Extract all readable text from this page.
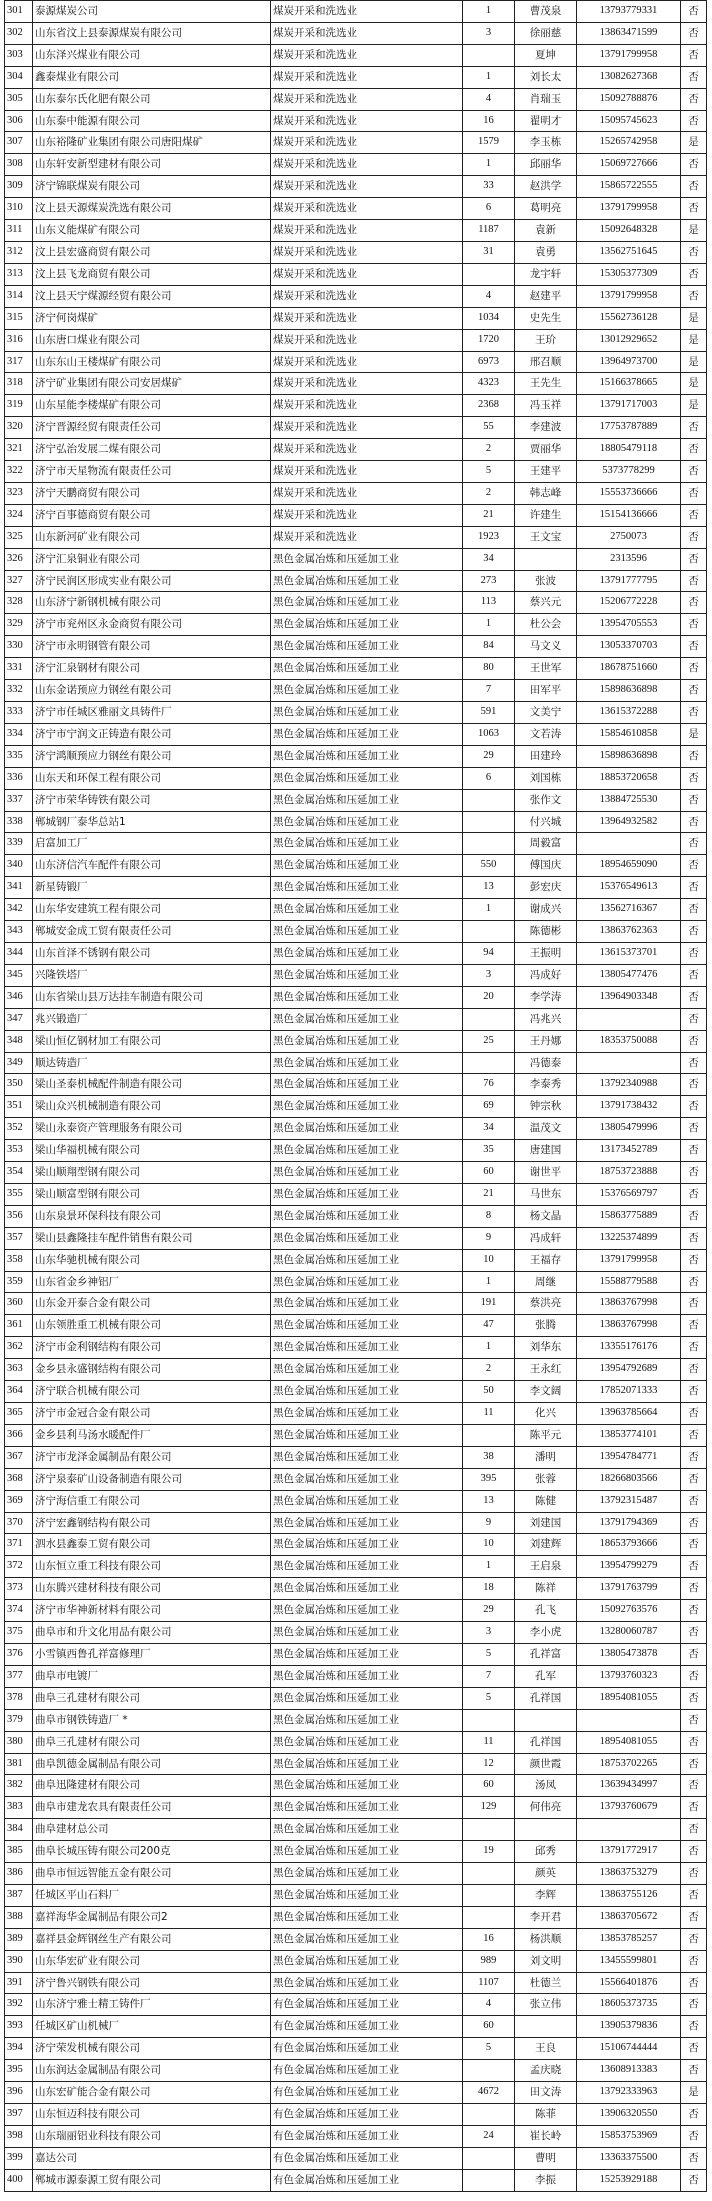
301	泰源煤炭公司	煤炭开采和洗选业	1	曹茂泉	13793779331	否
302	山东省汶上县泰源煤炭有限公司	煤炭开采和洗选业	3	徐丽慈	13863471599	否
303	山东泽兴煤业有限公司	煤炭开采和洗选业		夏坤	13791799958	否
304	鑫泰煤业有限公司	煤炭开采和洗选业	1	刘长太	13082627368	否
305	山东泰尔氏化肥有限公司	煤炭开采和洗选业	4	肖瑞玉	15092788876	否
306	山东泰中能源有限公司	煤炭开采和洗选业	16	翟明才	15095745623	否
307	山东裕隆矿业集团有限公司唐阳煤矿	煤炭开采和洗选业	1579	李玉栋	15265742958	是
308	山东轩安新型建材有限公司	煤炭开采和洗选业	1	邱丽华	15069727666	否
309	济宁锦联煤炭有限公司	煤炭开采和洗选业	33	赵洪学	15865722555	否
310	汶上县天源煤炭洗选有限公司	煤炭开采和洗选业	6	葛明亮	13791799958	否
311	山东义能煤矿有限公司	煤炭开采和洗选业	1187	袁新	15092648328	是
312	汶上县宏盛商贸有限公司	煤炭开采和洗选业	31	袁勇	13562751645	否
313	汶上县飞龙商贸有限公司	煤炭开采和洗选业		龙宇轩	15305377309	否
314	汶上县天宁煤源经贸有限公司	煤炭开采和洗选业	4	赵建平	13791799958	否
315	济宁何岗煤矿	煤炭开采和洗选业	1034	史先生	15562736128	是
316	山东唐口煤业有限公司	煤炭开采和洗选业	1720	王玠	13012929652	是
317	山东东山王楼煤矿有限公司	煤炭开采和洗选业	6973	邢召顺	13964973700	是
318	济宁矿业集团有限公司安居煤矿	煤炭开采和洗选业	4323	王先生	15166378665	是
319	山东星能李楼煤矿有限公司	煤炭开采和洗选业	2368	冯玉祥	13791717003	是
320	济宁晋源经贸有限责任公司	煤炭开采和洗选业	55	李建波	17753787889	否
321	济宁弘治发展二煤有限公司	煤炭开采和洗选业	2	贾丽华	18805479118	否
322	济宁市天星物流有限责任公司	煤炭开采和洗选业	5	王建平	5373778299	否
323	济宁天鹏商贸有限公司	煤炭开采和洗选业	2	韩志峰	15553736666	否
324	济宁百事德商贸有限公司	煤炭开采和洗选业	21	许建生	15154136666	否
325	山东新河矿业有限公司	煤炭开采和洗选业	1923	王文宝	2750073	否
326	济宁汇泉铜业有限公司	黑色金属冶炼和压延加工业	34		2313596	否
327	济宁民润区形成实业有限公司	黑色金属冶炼和压延加工业	273	张波	13791777795	否
328	山东济宁新钢机械有限公司	黑色金属冶炼和压延加工业	113	蔡兴元	15206772228	否
329	济宁市兖州区永金商贸有限公司	黑色金属冶炼和压延加工业	1	杜公会	13954705553	否
330	济宁市永明钢管有限公司	黑色金属冶炼和压延加工业	84	马文义	13053370703	否
331	济宁汇泉钢材有限公司	黑色金属冶炼和压延加工业	80	王世军	18678751660	否
332	山东金诺预应力钢丝有限公司	黑色金属冶炼和压延加工业	7	田军平	15898636898	否
333	济宁市任城区雅丽文具铸件厂	黑色金属冶炼和压延加工业	591	文美宁	13615372288	否
334	济宁市宁润文正铸造有限公司	黑色金属冶炼和压延加工业	1063	文若涛	15854610858	是
335	济宁鸿顺预应力钢丝有限公司	黑色金属冶炼和压延加工业	29	田建玲	15898636898	否
336	山东天和环保工程有限公司	黑色金属冶炼和压延加工业	6	刘国栋	18853720658	否
337	济宁市荣华铸铁有限公司	黑色金属冶炼和压延加工业		张作文	13884725530	否
338	郸城钢厂泰华总站1	黑色金属冶炼和压延加工业		付兴城	13964932582	否
339	启富加工厂	黑色金属冶炼和压延加工业		周毅富		否
340	山东济信汽车配件有限公司	黑色金属冶炼和压延加工业	550	傅国庆	18954659090	否
341	新星铸锻厂	黑色金属冶炼和压延加工业	13	彭宏庆	15376549613	否
342	山东华安建筑工程有限公司	黑色金属冶炼和压延加工业	1	谢成兴	13562716367	否
343	郸城安金成工贸有限责任公司	黑色金属冶炼和压延加工业		陈德彬	13863762363	否
344	山东首泽不锈钢有限公司	黑色金属冶炼和压延加工业	94	王振明	13615373701	否
345	兴隆铁塔厂	黑色金属冶炼和压延加工业	3	冯成好	13805477476	否
346	山东省梁山县万达挂车制造有限公司	黑色金属冶炼和压延加工业	20	李学涛	13964903348	否
347	兆兴锻造厂	黑色金属冶炼和压延加工业		冯兆兴		否
348	梁山恒亿钢材加工有限公司	黑色金属冶炼和压延加工业	25	王丹娜	18353750088	否
349	顺达铸造厂	黑色金属冶炼和压延加工业		冯德泰		否
350	梁山圣泰机械配件制造有限公司	黑色金属冶炼和压延加工业	76	李泰秀	13792340988	否
351	梁山众兴机械制造有限公司	黑色金属冶炼和压延加工业	69	钟宗秋	13791738432	否
352	梁山永泰资产管理服务有限公司	黑色金属冶炼和压延加工业	34	温茂文	13805479996	否
353	梁山华福机械有限公司	黑色金属冶炼和压延加工业	35	唐建国	13173452789	否
354	梁山顺翔型钢有限公司	黑色金属冶炼和压延加工业	60	谢世平	18753723888	否
355	梁山顺富型钢有限公司	黑色金属冶炼和压延加工业	21	马世东	15376569797	否
356	山东泉景环保科技有限公司	黑色金属冶炼和压延加工业	8	杨文晶	15863775889	否
357	梁山县鑫隆挂车配件销售有限公司	黑色金属冶炼和压延加工业	9	冯成轩	13225374899	否
358	山东华驰机械有限公司	黑色金属冶炼和压延加工业	10	王福存	13791799958	否
359	山东省金乡神铝厂	黑色金属冶炼和压延加工业	1	周继	15588779588	否
360	山东金开泰合金有限公司	黑色金属冶炼和压延加工业	191	蔡洪亮	13863767998	否
361	山东领胜重工机械有限公司	黑色金属冶炼和压延加工业	47	张腾	13863767998	否
362	济宁市金利钢结构有限公司	黑色金属冶炼和压延加工业	1	刘华东	13355176176	否
363	金乡县永盛钢结构有限公司	黑色金属冶炼和压延加工业	2	王永红	13954792689	否
364	济宁联合机械有限公司	黑色金属冶炼和压延加工业	50	李文阔	17852071333	否
365	济宁市金冠合金有限公司	黑色金属冶炼和压延加工业	11	化兴	13963785664	否
366	金乡县利马汤水暖配件厂	黑色金属冶炼和压延加工业		陈平元	13853774101	否
367	济宁市龙泽金属制品有限公司	黑色金属冶炼和压延加工业	38	潘明	13954784771	否
368	济宁泉泰矿山设备制造有限公司	黑色金属冶炼和压延加工业	395	张蓉	18266803566	否
369	济宁海信重工有限公司	黑色金属冶炼和压延加工业	13	陈健	13792315487	否
370	济宁宏鑫钢结构有限公司	黑色金属冶炼和压延加工业	9	刘建国	13791794369	否
371	泗水县鑫泰工贸有限公司	黑色金属冶炼和压延加工业	10	刘建辉	18653793666	否
372	山东恒立重工科技有限公司	黑色金属冶炼和压延加工业	1	王启泉	13954799279	否
373	山东腾兴建材科技有限公司	黑色金属冶炼和压延加工业	18	陈祥	13791763799	否
374	济宁市华神新材料有限公司	黑色金属冶炼和压延加工业	29	孔飞	15092763576	否
375	曲阜市和升文化用品有限公司	黑色金属冶炼和压延加工业	3	李小虎	13280060787	否
376	小雪镇西鲁孔祥富修理厂	黑色金属冶炼和压延加工业	5	孔祥富	13805473878	否
377	曲阜市电镀厂	黑色金属冶炼和压延加工业	7	孔军	13793760323	否
378	曲阜三孔建材有限公司	黑色金属冶炼和压延加工业	5	孔祥国	18954081055	否
379	曲阜市钢铁铸造厂 *	黑色金属冶炼和压延加工业				否
380	曲阜三孔建材有限公司	黑色金属冶炼和压延加工业	11	孔祥国	18954081055	否
381	曲阜凯德金属制品有限公司	黑色金属冶炼和压延加工业	12	颜世霞	18753702265	否
382	曲阜迅隆建材有限公司	黑色金属冶炼和压延加工业	60	汤凤	13639434997	否
383	曲阜市建龙农具有限责任公司	黑色金属冶炼和压延加工业	129	何伟亮	13793760679	否
384	曲阜建材总公司	黑色金属冶炼和压延加工业				否
385	曲阜长城压铸有限公司200克	黑色金属冶炼和压延加工业	19	邱秀	13791772917	否
386	曲阜市恒远智能五金有限公司	黑色金属冶炼和压延加工业		颜英	13863753279	否
387	任城区平山石料厂	黑色金属冶炼和压延加工业		李辉	13863755126	否
388	嘉祥海华金属制品有限公司2	黑色金属冶炼和压延加工业		李开君	13863705672	否
389	嘉祥县金辉钢丝生产有限公司	黑色金属冶炼和压延加工业	16	杨洪顺	13853785257	否
390	山东华宏矿业有限公司	黑色金属冶炼和压延加工业	989	刘文明	13455599801	否
391	济宁鲁兴钢铁有限公司	黑色金属冶炼和压延加工业	1107	杜德兰	15566401876	否
392	山东济宁雅士精工铸件厂	有色金属冶炼和压延加工业	4	张立伟	18605373735	否
393	任城区矿山机械厂	有色金属冶炼和压延加工业	60		13905379836	否
394	济宁荣发机械有限公司	有色金属冶炼和压延加工业	5	王良	15106744444	否
395	山东润达金属制品有限公司	有色金属冶炼和压延加工业		孟庆晓	13608913383	否
396	山东宏矿能合金有限公司	有色金属冶炼和压延加工业	4672	田文涛	13792333963	是
397	山东恒迈科技有限公司	有色金属冶炼和压延加工业		陈菲	13906320550	否
398	山东瑞丽铝业科技有限公司	有色金属冶炼和压延加工业	24	崔长岭	15853753969	否
399	嘉达公司	有色金属冶炼和压延加工业		曹明	13363375500	否
400	郸城市源泰源工贸有限公司	有色金属冶炼和压延加工业		李振	15253929188	否
